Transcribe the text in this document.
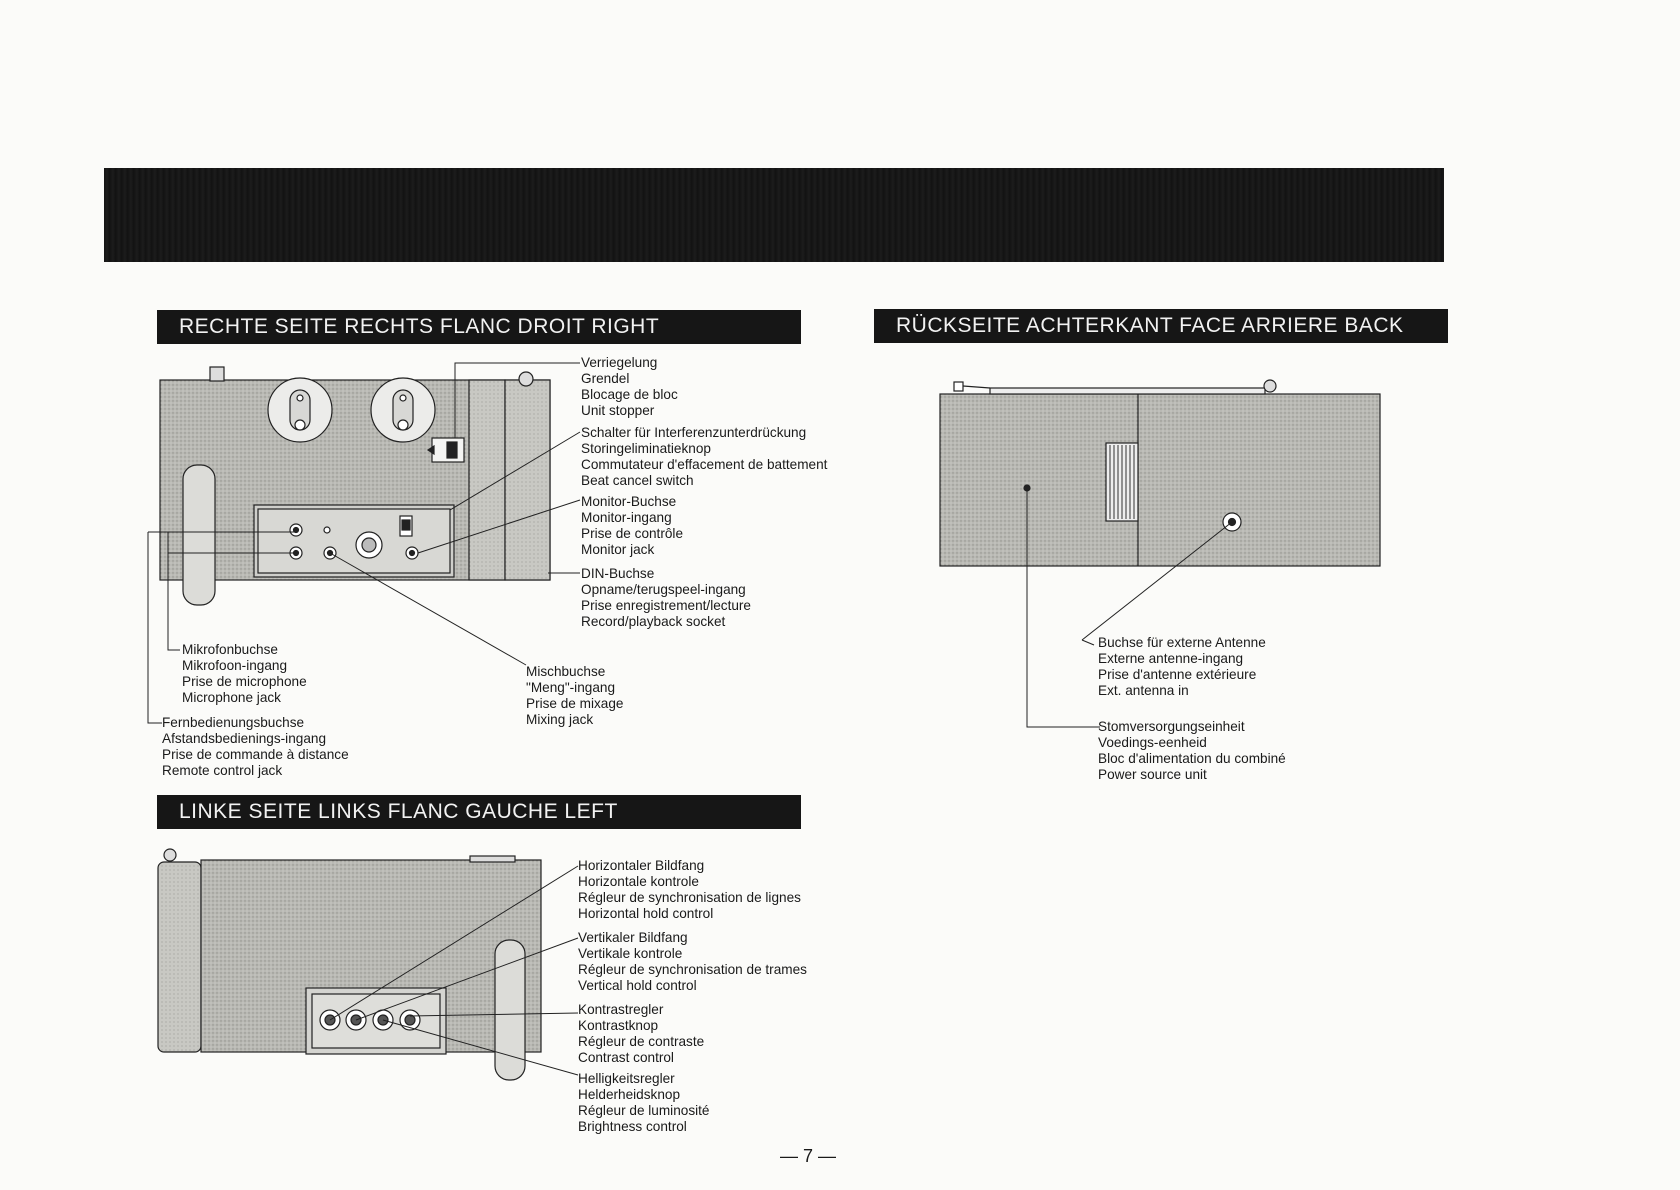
RECHTE SEITE RECHTS FLANC DROIT RIGHT	RÜCKSEITE ACHTERKANT FACE ARRIERE BACK
LINKE SEITE LINKS FLANC GAUCHE LEFT
Verriegelung
Grendel
Blocage de bloc
Unit stopper
Schalter für Interferenzunterdrückung
Storingeliminatieknop
Commutateur d'effacement de battement
Beat cancel switch
Monitor-Buchse
Monitor-ingang
Prise de contrôle
Monitor jack
DIN-Buchse
Opname/terugspeel-ingang
Prise enregistrement/lecture
Record/playback socket
Mikrofonbuchse
Mikrofoon-ingang
Prise de microphone
Microphone jack
Mischbuchse
"Meng"-ingang
Prise de mixage
Mixing jack
Fernbedienungsbuchse
Afstandsbedienings-ingang
Prise de commande à distance
Remote control jack
Buchse für externe Antenne
Externe antenne-ingang
Prise d'antenne extérieure
Ext. antenna in
Stomversorgungseinheit
Voedings-eenheid
Bloc d'alimentation du combiné
Power source unit
Horizontaler Bildfang
Horizontale kontrole
Régleur de synchronisation de lignes
Horizontal hold control
Vertikaler Bildfang
Vertikale kontrole
Régleur de synchronisation de trames
Vertical hold control
Kontrastregler
Kontrastknop
Régleur de contraste
Contrast control
Helligkeitsregler
Helderheidsknop
Régleur de luminosité
Brightness control
— 7 —
